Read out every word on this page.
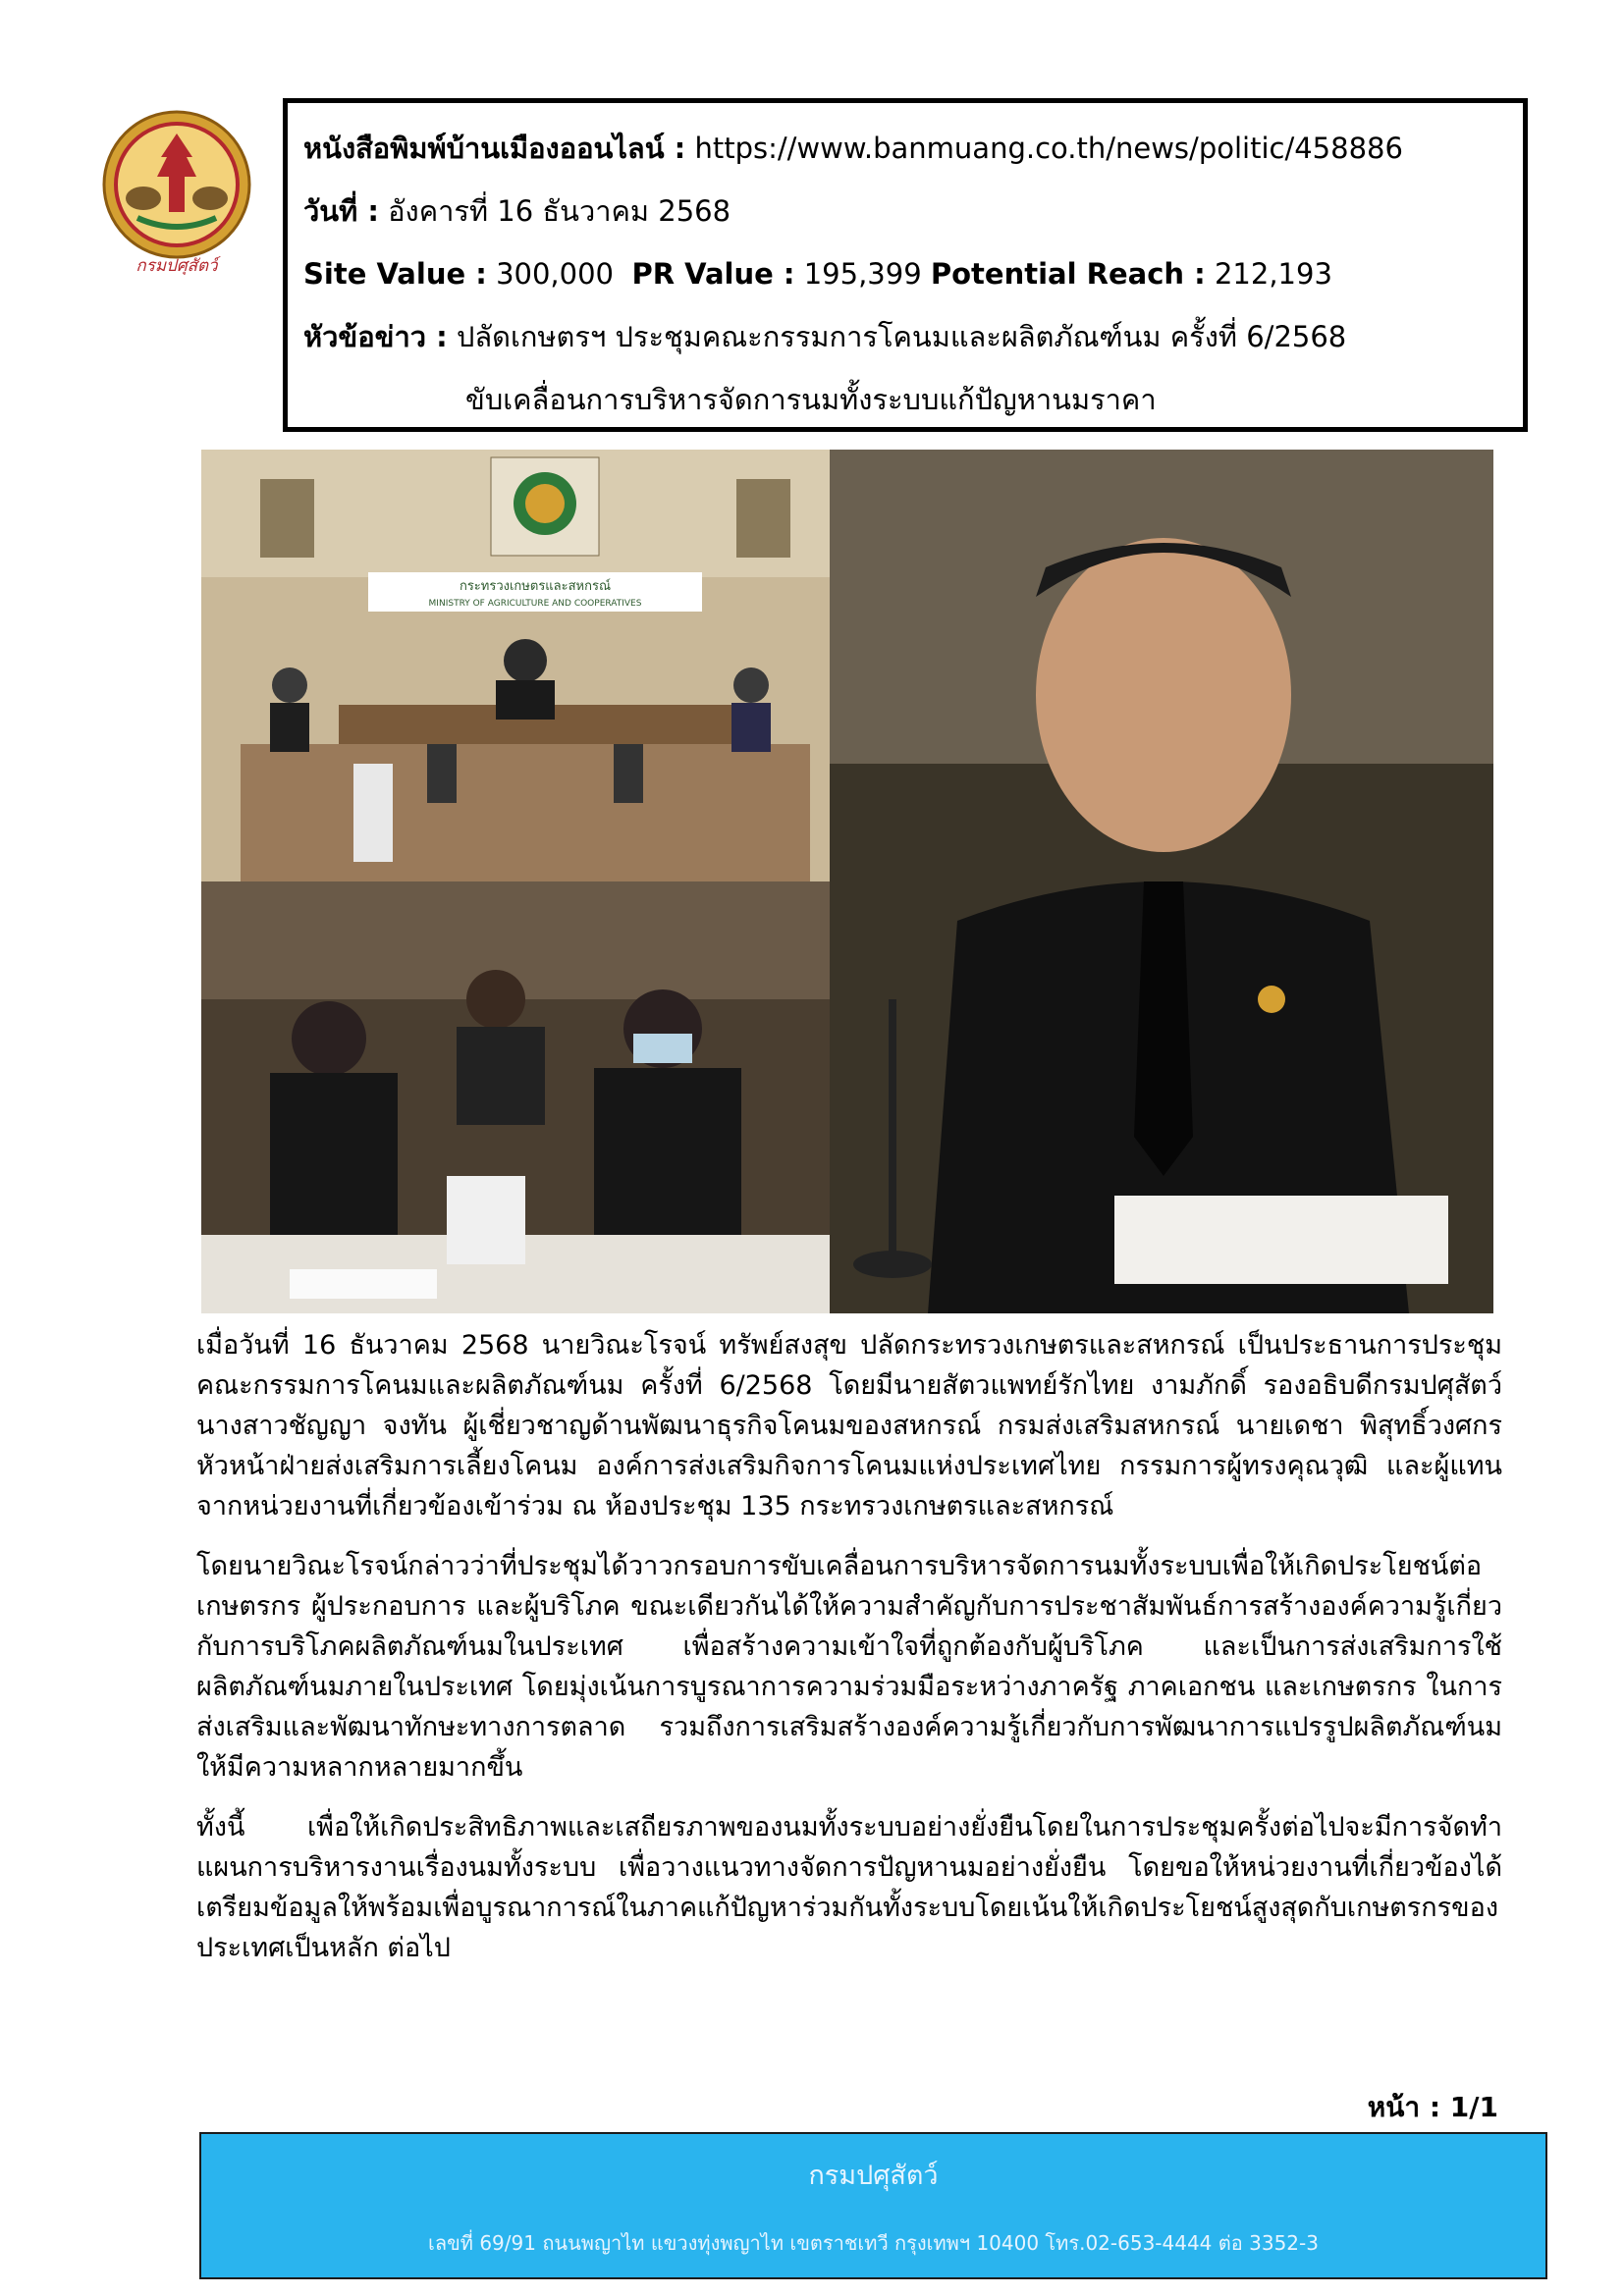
กรมปศุสัตว์
หนังสือพิมพ์บ้านเมืองออนไลน์ : https://www.banmuang.co.th/news/politic/458886
วันที่ : อังคารที่ 16 ธันวาคม 2568
Site Value : 300,000 PR Value : 195,399 Potential Reach : 212,193
หัวข้อข่าว : ปลัดเกษตรฯ ประชุมคณะกรรมการโคนมและผลิตภัณฑ์นม ครั้งที่ 6/2568
ขับเคลื่อนการบริหารจัดการนมทั้งระบบแก้ปัญหานมราคา
กระทรวงเกษตรและสหกรณ์
MINISTRY OF AGRICULTURE AND COOPERATIVES

เมื่อวันที่ 16 ธันวาคม 2568 นายวิณะโรจน์ ทรัพย์สงสุข ปลัดกระทรวงเกษตรและสหกรณ์ เป็นประธานการประชุมคณะกรรมการโคนมและผลิตภัณฑ์นม ครั้งที่ 6/2568 โดยมีนายสัตวแพทย์รักไทย งามภักดิ์ รองอธิบดีกรมปศุสัตว์ นางสาวชัญญา จงทัน ผู้เชี่ยวชาญด้านพัฒนาธุรกิจโคนมของสหกรณ์ กรมส่งเสริมสหกรณ์ นายเดชา พิสุทธิ์วงศกร หัวหน้าฝ่ายส่งเสริมการเลี้ยงโคนม องค์การส่งเสริมกิจการโคนมแห่งประเทศไทย กรรมการผู้ทรงคุณวุฒิ และผู้แทนจากหน่วยงานที่เกี่ยวข้องเข้าร่วม ณ ห้องประชุม 135 กระทรวงเกษตรและสหกรณ์

โดยนายวิณะโรจน์กล่าวว่าที่ประชุมได้วาวกรอบการขับเคลื่อนการบริหารจัดการนมทั้งระบบเพื่อให้เกิดประโยชน์ต่อเกษตรกร ผู้ประกอบการ และผู้บริโภค ขณะเดียวกันได้ให้ความสำคัญกับการประชาสัมพันธ์การสร้างองค์ความรู้เกี่ยวกับการบริโภคผลิตภัณฑ์นมในประเทศ เพื่อสร้างความเข้าใจที่ถูกต้องกับผู้บริโภค และเป็นการส่งเสริมการใช้ผลิตภัณฑ์นมภายในประเทศ โดยมุ่งเน้นการบูรณาการความร่วมมือระหว่างภาครัฐ ภาคเอกชน และเกษตรกร ในการส่งเสริมและพัฒนาทักษะทางการตลาด รวมถึงการเสริมสร้างองค์ความรู้เกี่ยวกับการพัฒนาการแปรรูปผลิตภัณฑ์นมให้มีความหลากหลายมากขึ้น

ทั้งนี้ เพื่อให้เกิดประสิทธิภาพและเสถียรภาพของนมทั้งระบบอย่างยั่งยืนโดยในการประชุมครั้งต่อไปจะมีการจัดทำแผนการบริหารงานเรื่องนมทั้งระบบ เพื่อวางแนวทางจัดการปัญหานมอย่างยั่งยืน โดยขอให้หน่วยงานที่เกี่ยวข้องได้เตรียมข้อมูลให้พร้อมเพื่อบูรณาการณ์ในภาคแก้ปัญหาร่วมกันทั้งระบบโดยเน้นให้เกิดประโยชน์สูงสุดกับเกษตรกรของประเทศเป็นหลัก ต่อไป

หน้า : 1/1
กรมปศุสัตว์
เลขที่ 69/91 ถนนพญาไท แขวงทุ่งพญาไท เขตราชเทวี กรุงเทพฯ 10400 โทร.02-653-4444 ต่อ 3352-3
